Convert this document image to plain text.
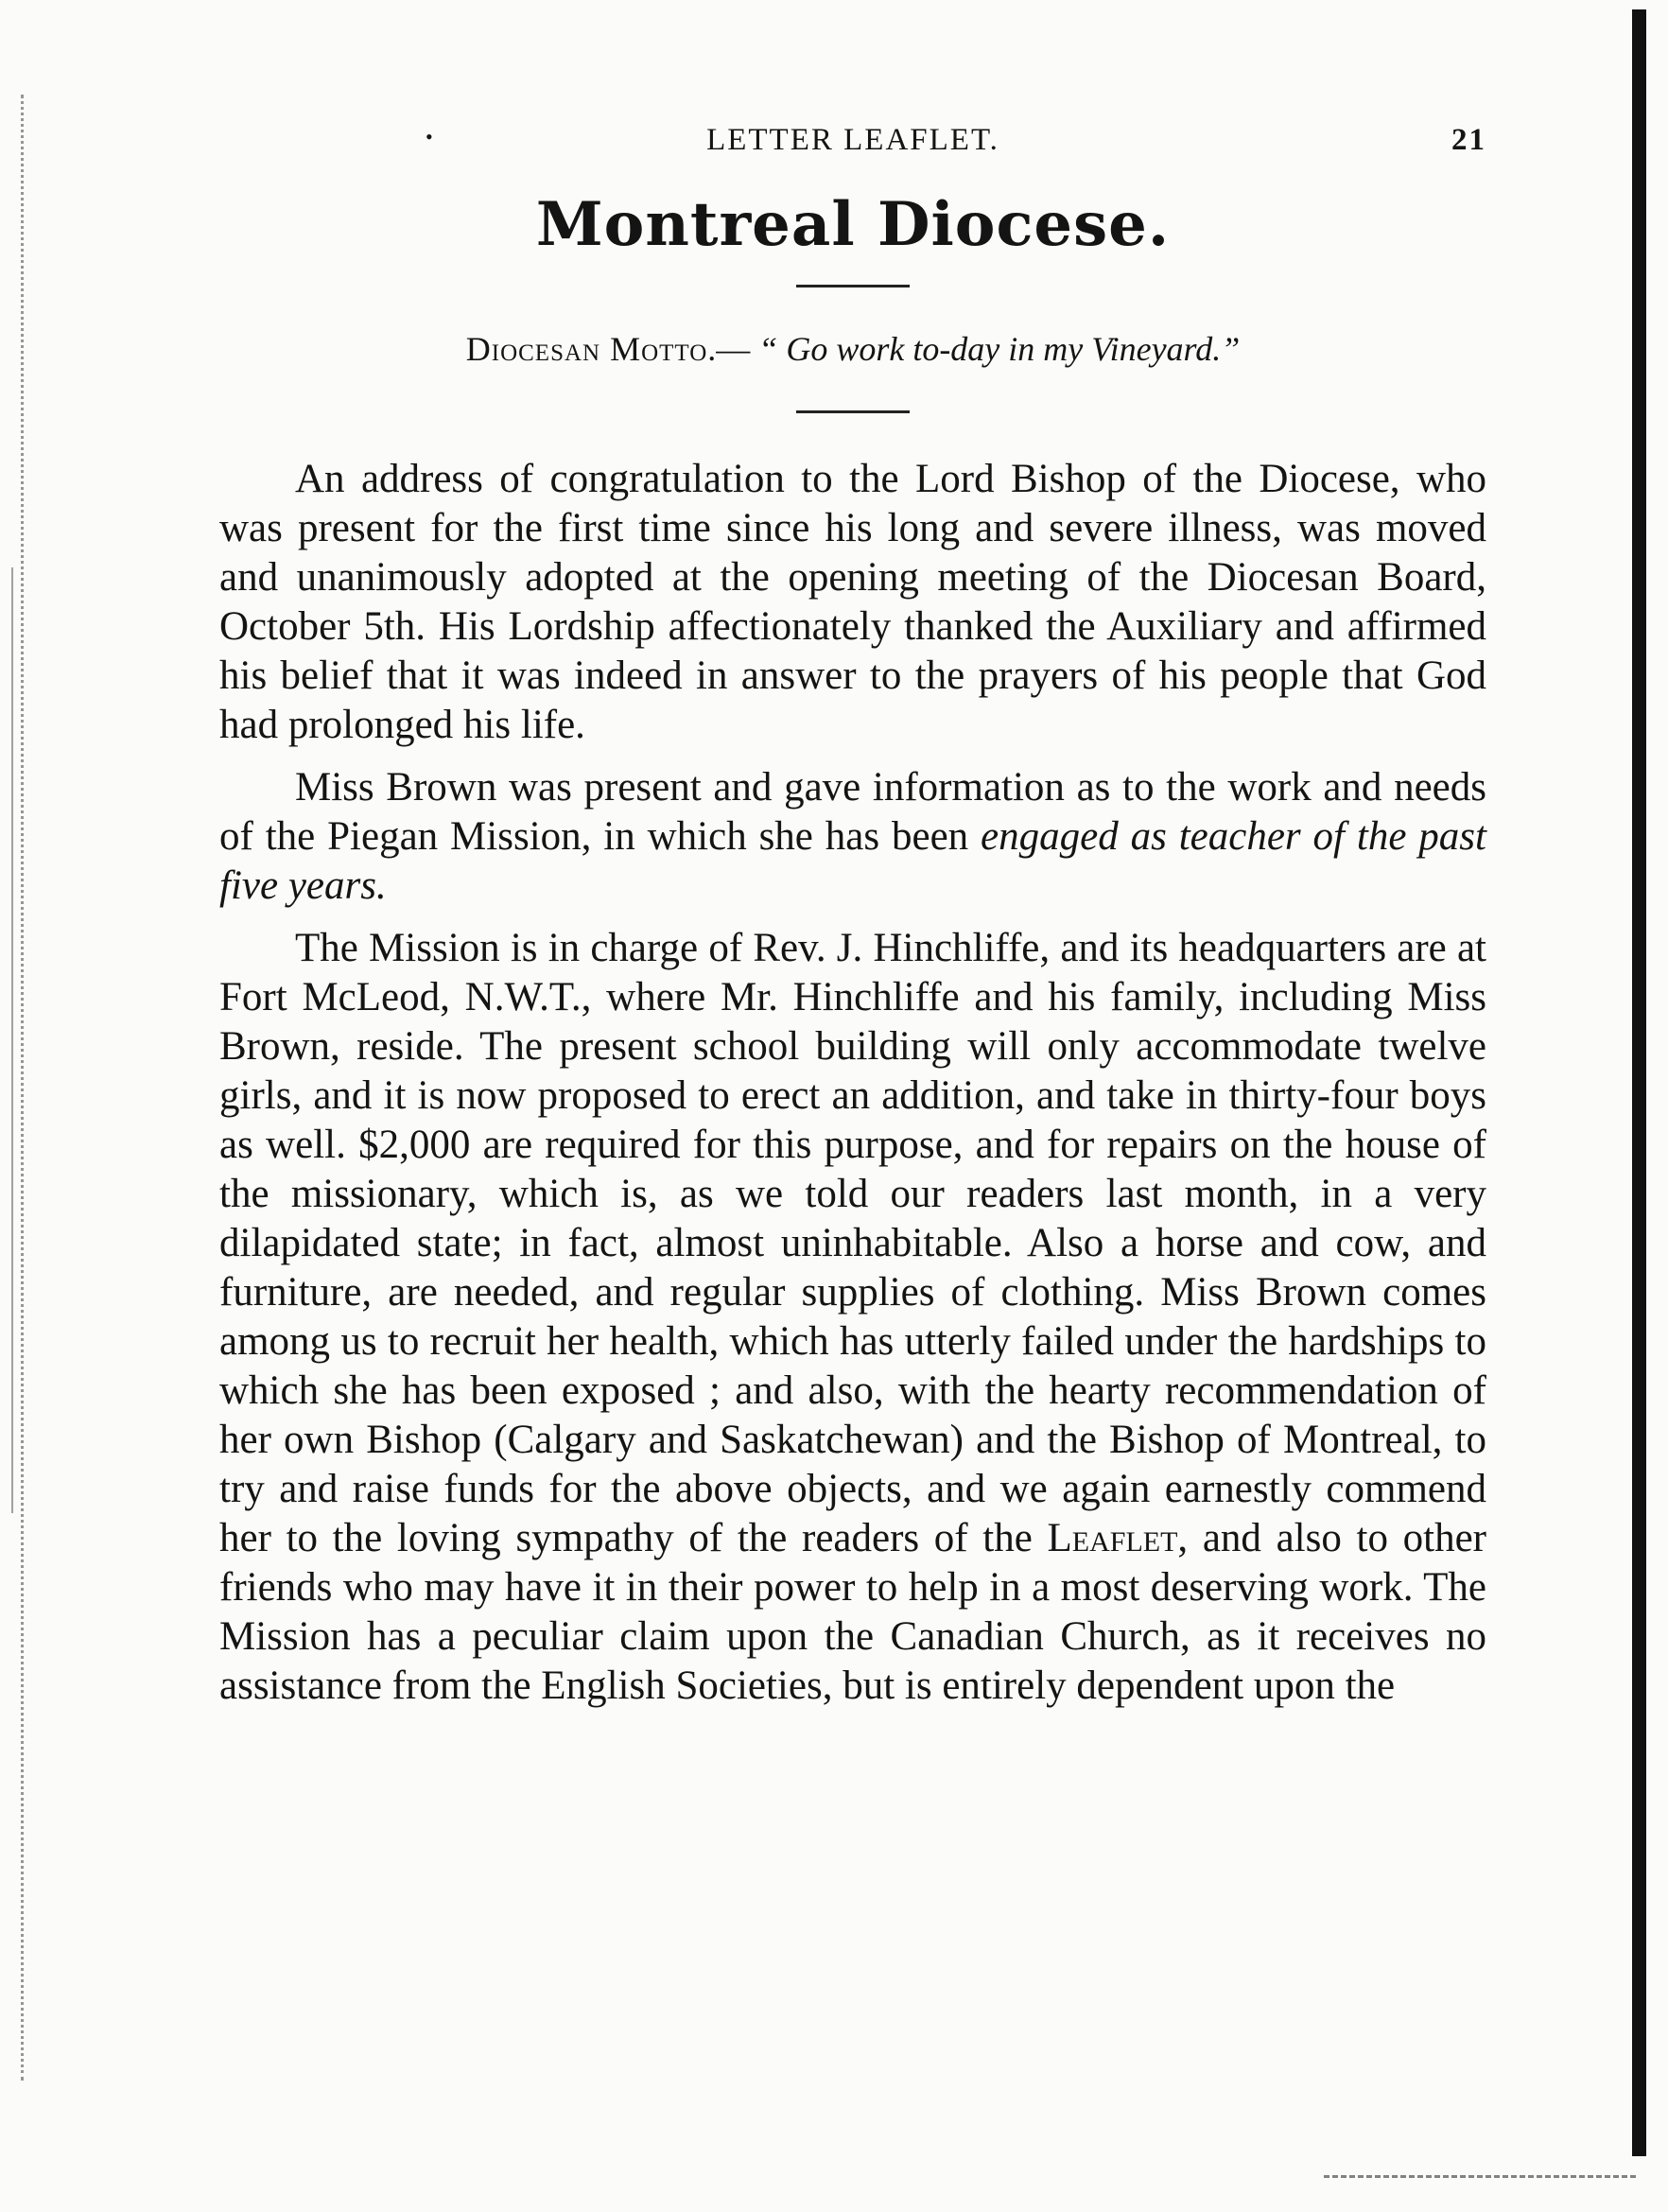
•	LETTER LEAFLET.	21
Montreal Diocese.
Diocesan Motto.— “ Go work to-day in my Vineyard.”

An address of congratulation to the Lord Bishop of the Diocese, who was present for the first time since his long and severe illness, was moved and unanimously adopted at the opening meeting of the Diocesan Board, October 5th. His Lordship affectionately thanked the Auxiliary and affirmed his belief that it was indeed in answer to the prayers of his people that God had prolonged his life.

Miss Brown was present and gave information as to the work and needs of the Piegan Mission, in which she has been engaged as teacher of the past five years.

The Mission is in charge of Rev. J. Hinchliffe, and its headquarters are at Fort McLeod, N.W.T., where Mr. Hinchliffe and his family, including Miss Brown, reside. The present school building will only accommodate twelve girls, and it is now proposed to erect an addition, and take in thirty-four boys as well. $2,000 are required for this purpose, and for repairs on the house of the missionary, which is, as we told our readers last month, in a very dilapidated state; in fact, almost uninhabitable. Also a horse and cow, and furniture, are needed, and regular supplies of clothing. Miss Brown comes among us to recruit her health, which has utterly failed under the hardships to which she has been exposed ; and also, with the hearty recommendation of her own Bishop (Calgary and Saskatchewan) and the Bishop of Montreal, to try and raise funds for the above objects, and we again earnestly commend her to the loving sympathy of the readers of the Leaflet, and also to other friends who may have it in their power to help in a most deserving work. The Mission has a peculiar claim upon the Canadian Church, as it receives no assistance from the English Societies, but is entirely dependent upon the
